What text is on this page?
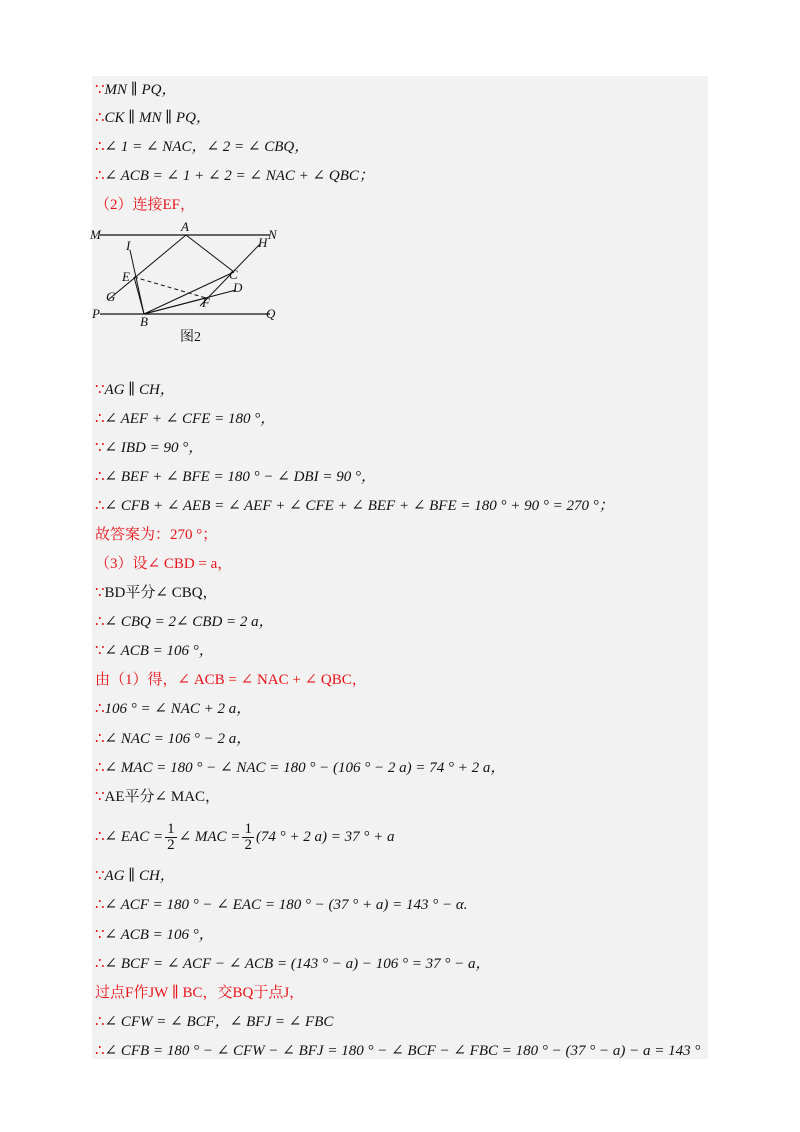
∵MN ∥ PQ，
∴CK ∥ MN ∥ PQ，
∴∠ 1 = ∠ NAC，∠ 2 = ∠ CBQ，
∴∠ ACB = ∠ 1 + ∠ 2 = ∠ NAC + ∠ QBC；
（2）连接EF，
∵AG ∥ CH，
∴∠ AEF + ∠ CFE = 180 °，
∵∠ IBD = 90 °，
∴∠ BEF + ∠ BFE = 180 ° − ∠ DBI = 90 °，
∴∠ CFB + ∠ AEB = ∠ AEF + ∠ CFE + ∠ BEF + ∠ BFE = 180 ° + 90 ° = 270 °；
故答案为：270 °；
（3）设∠ CBD = a，
∵BD平分∠ CBQ，
∴∠ CBQ = 2∠ CBD = 2 a，
∵∠ ACB = 106 °，
由（1）得，∠ ACB = ∠ NAC + ∠ QBC，
∴106 ° = ∠ NAC + 2 a，
∴∠ NAC = 106 ° − 2 a，
∴∠ MAC = 180 ° − ∠ NAC = 180 ° − (106 ° − 2 a) = 74 ° + 2 a，
∵AE平分∠ MAC，
∴∠ EAC = $\frac{1}{2}$ ∠ MAC = $\frac{1}{2} (74$ ° + 2 a) = 37 ° + a
∵AG ∥ CH，
∴∠ ACF = 180 ° − ∠ EAC = 180 ° − (37 ° + a) = 143 ° − α.
∵∠ ACB = 106 °，
∴∠ BCF = ∠ ACF − ∠ ACB = (143 ° − a) − 106 ° = 37 ° − a，
过点F作JW ∥ BC，交BQ于点J，
∴∠ CFW = ∠ BCF，∠ BFJ = ∠ FBC
∴∠ CFB = 180 ° − ∠ CFW − ∠ BFJ = 180 ° − ∠ BCF − ∠ FBC = 180 ° − (37 ° − a) − a = 143 °
M	N
A
H
I
E	C
D
G	F
P
B
Q
图2
